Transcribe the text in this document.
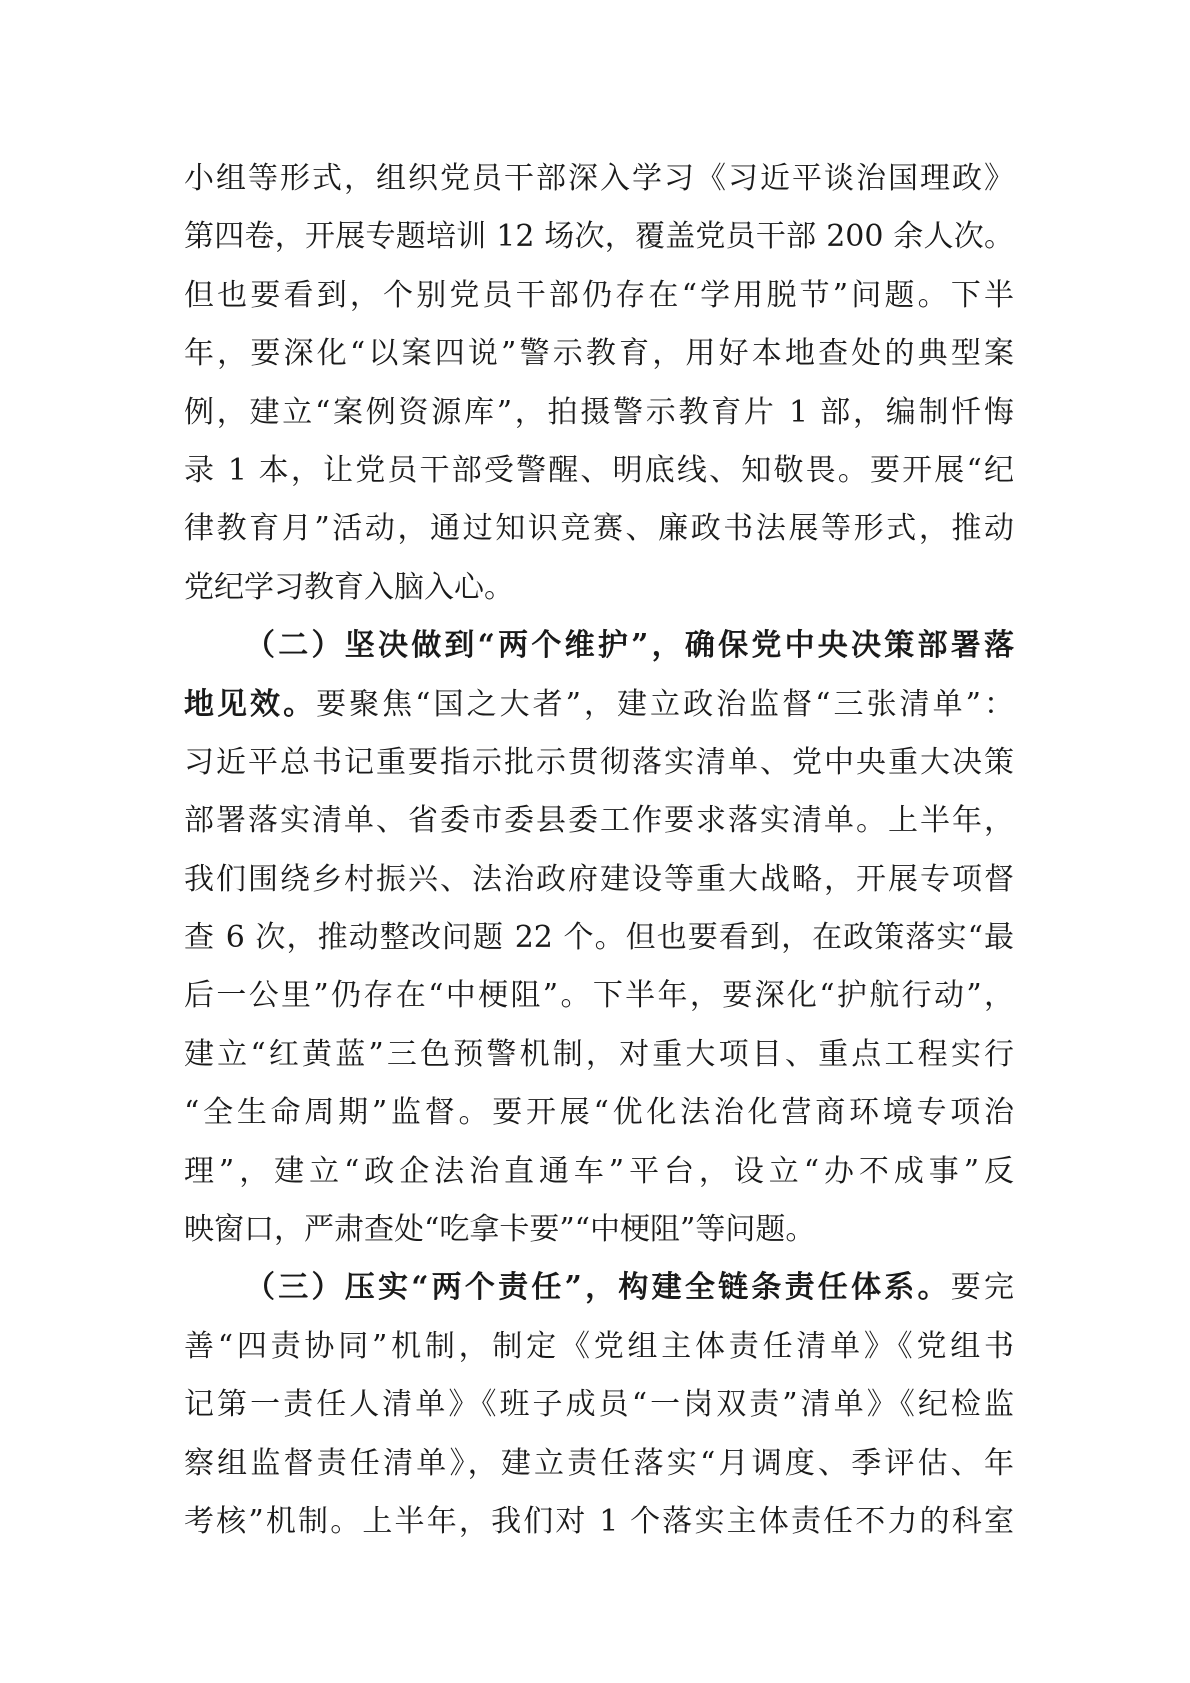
小组等形式，组织党员干部深入学习《习近平谈治国理政》
第四卷，开展专题培训 12 场次，覆盖党员干部 200 余人次。
但也要看到，个别党员干部仍存在“学用脱节”问题。下半
年，要深化“以案四说”警示教育，用好本地查处的典型案
例，建立“案例资源库”，拍摄警示教育片 1 部，编制忏悔
录 1 本，让党员干部受警醒、明底线、知敬畏。要开展“纪
律教育月”活动，通过知识竞赛、廉政书法展等形式，推动
党纪学习教育入脑入心。
（二）坚决做到“两个维护”，确保党中央决策部署落
地见效。要聚焦“国之大者”，建立政治监督“三张清单”：
习近平总书记重要指示批示贯彻落实清单、党中央重大决策
部署落实清单、省委市委县委工作要求落实清单。上半年，
我们围绕乡村振兴、法治政府建设等重大战略，开展专项督
查 6 次，推动整改问题 22 个。但也要看到，在政策落实“最
后一公里”仍存在“中梗阻”。下半年，要深化“护航行动”，
建立“红黄蓝”三色预警机制，对重大项目、重点工程实行
“全生命周期”监督。要开展“优化法治化营商环境专项治
理”，建立“政企法治直通车”平台，设立“办不成事”反
映窗口，严肃查处“吃拿卡要”“中梗阻”等问题。
（三）压实“两个责任”，构建全链条责任体系。要完
善“四责协同”机制，制定《党组主体责任清单》《党组书
记第一责任人清单》《班子成员“一岗双责”清单》《纪检监
察组监督责任清单》，建立责任落实“月调度、季评估、年
考核”机制。上半年，我们对 1 个落实主体责任不力的科室
